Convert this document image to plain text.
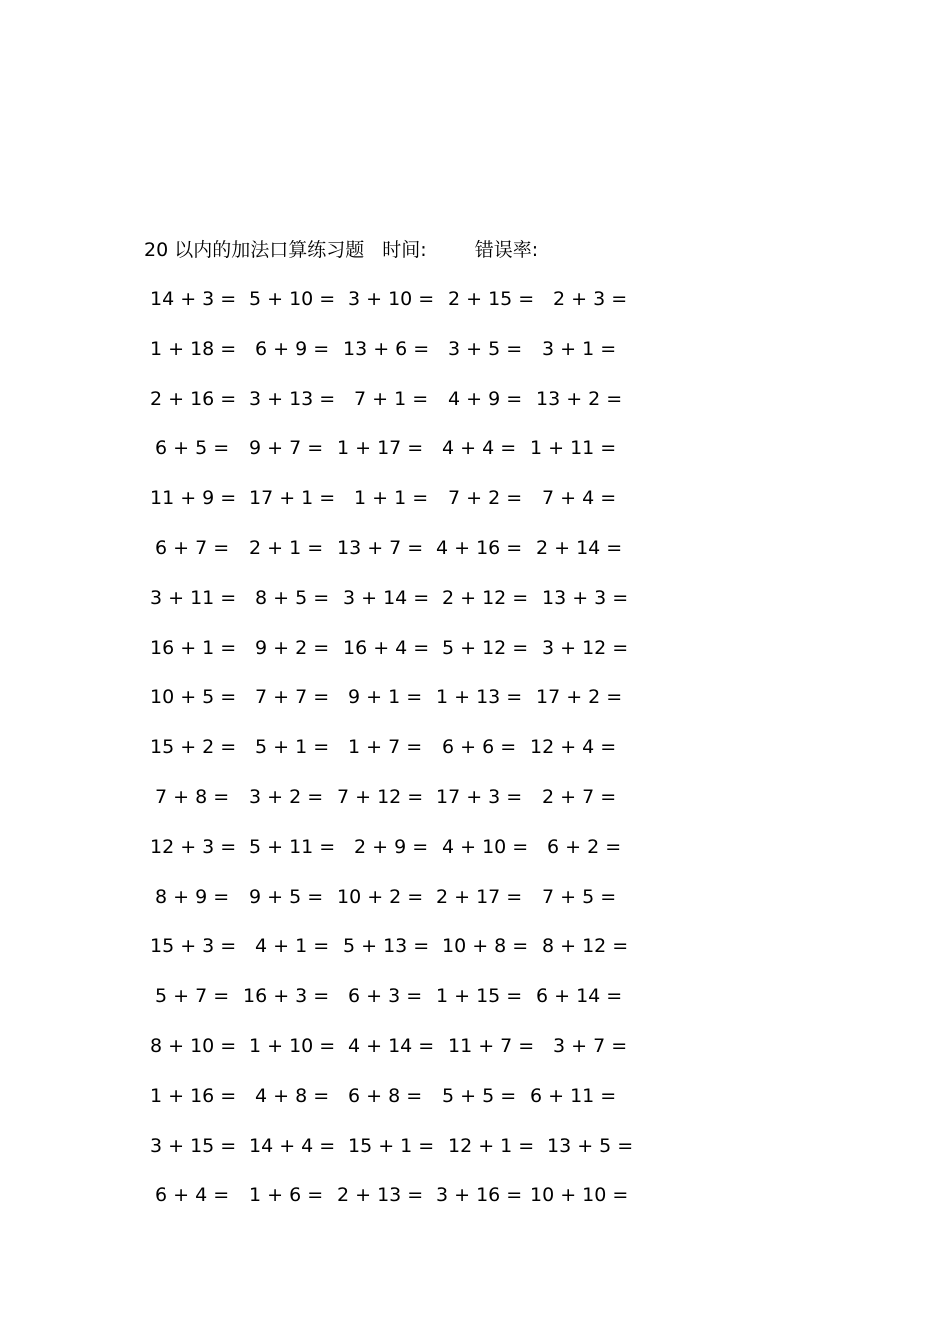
20 以内的加法口算练习题 时间:	错误率:
14 + 3 = 5 + 10 = 3 + 10 = 2 + 15 = 2 + 3 =
1 + 18 = 6 + 9 = 13 + 6 = 3 + 5 = 3 + 1 =
2 + 16 = 3 + 13 = 7 + 1 = 4 + 9 = 13 + 2 =
6 + 5 = 9 + 7 = 1 + 17 = 4 + 4 = 1 + 11 =
11 + 9 = 17 + 1 = 1 + 1 = 7 + 2 = 7 + 4 =
6 + 7 = 2 + 1 = 13 + 7 = 4 + 16 = 2 + 14 =
3 + 11 = 8 + 5 = 3 + 14 = 2 + 12 = 13 + 3 =
16 + 1 = 9 + 2 = 16 + 4 = 5 + 12 = 3 + 12 =
10 + 5 = 7 + 7 = 9 + 1 = 1 + 13 = 17 + 2 =
15 + 2 = 5 + 1 = 1 + 7 = 6 + 6 = 12 + 4 =
7 + 8 = 3 + 2 = 7 + 12 = 17 + 3 = 2 + 7 =
12 + 3 = 5 + 11 = 2 + 9 = 4 + 10 = 6 + 2 =
8 + 9 = 9 + 5 = 10 + 2 = 2 + 17 = 7 + 5 =
15 + 3 = 4 + 1 = 5 + 13 = 10 + 8 = 8 + 12 =
5 + 7 = 16 + 3 = 6 + 3 = 1 + 15 = 6 + 14 =
8 + 10 = 1 + 10 = 4 + 14 = 11 + 7 = 3 + 7 =
1 + 16 = 4 + 8 = 6 + 8 = 5 + 5 = 6 + 11 =
3 + 15 = 14 + 4 = 15 + 1 = 12 + 1 = 13 + 5 =
6 + 4 = 1 + 6 = 2 + 13 = 3 + 16 = 10 + 10 =
